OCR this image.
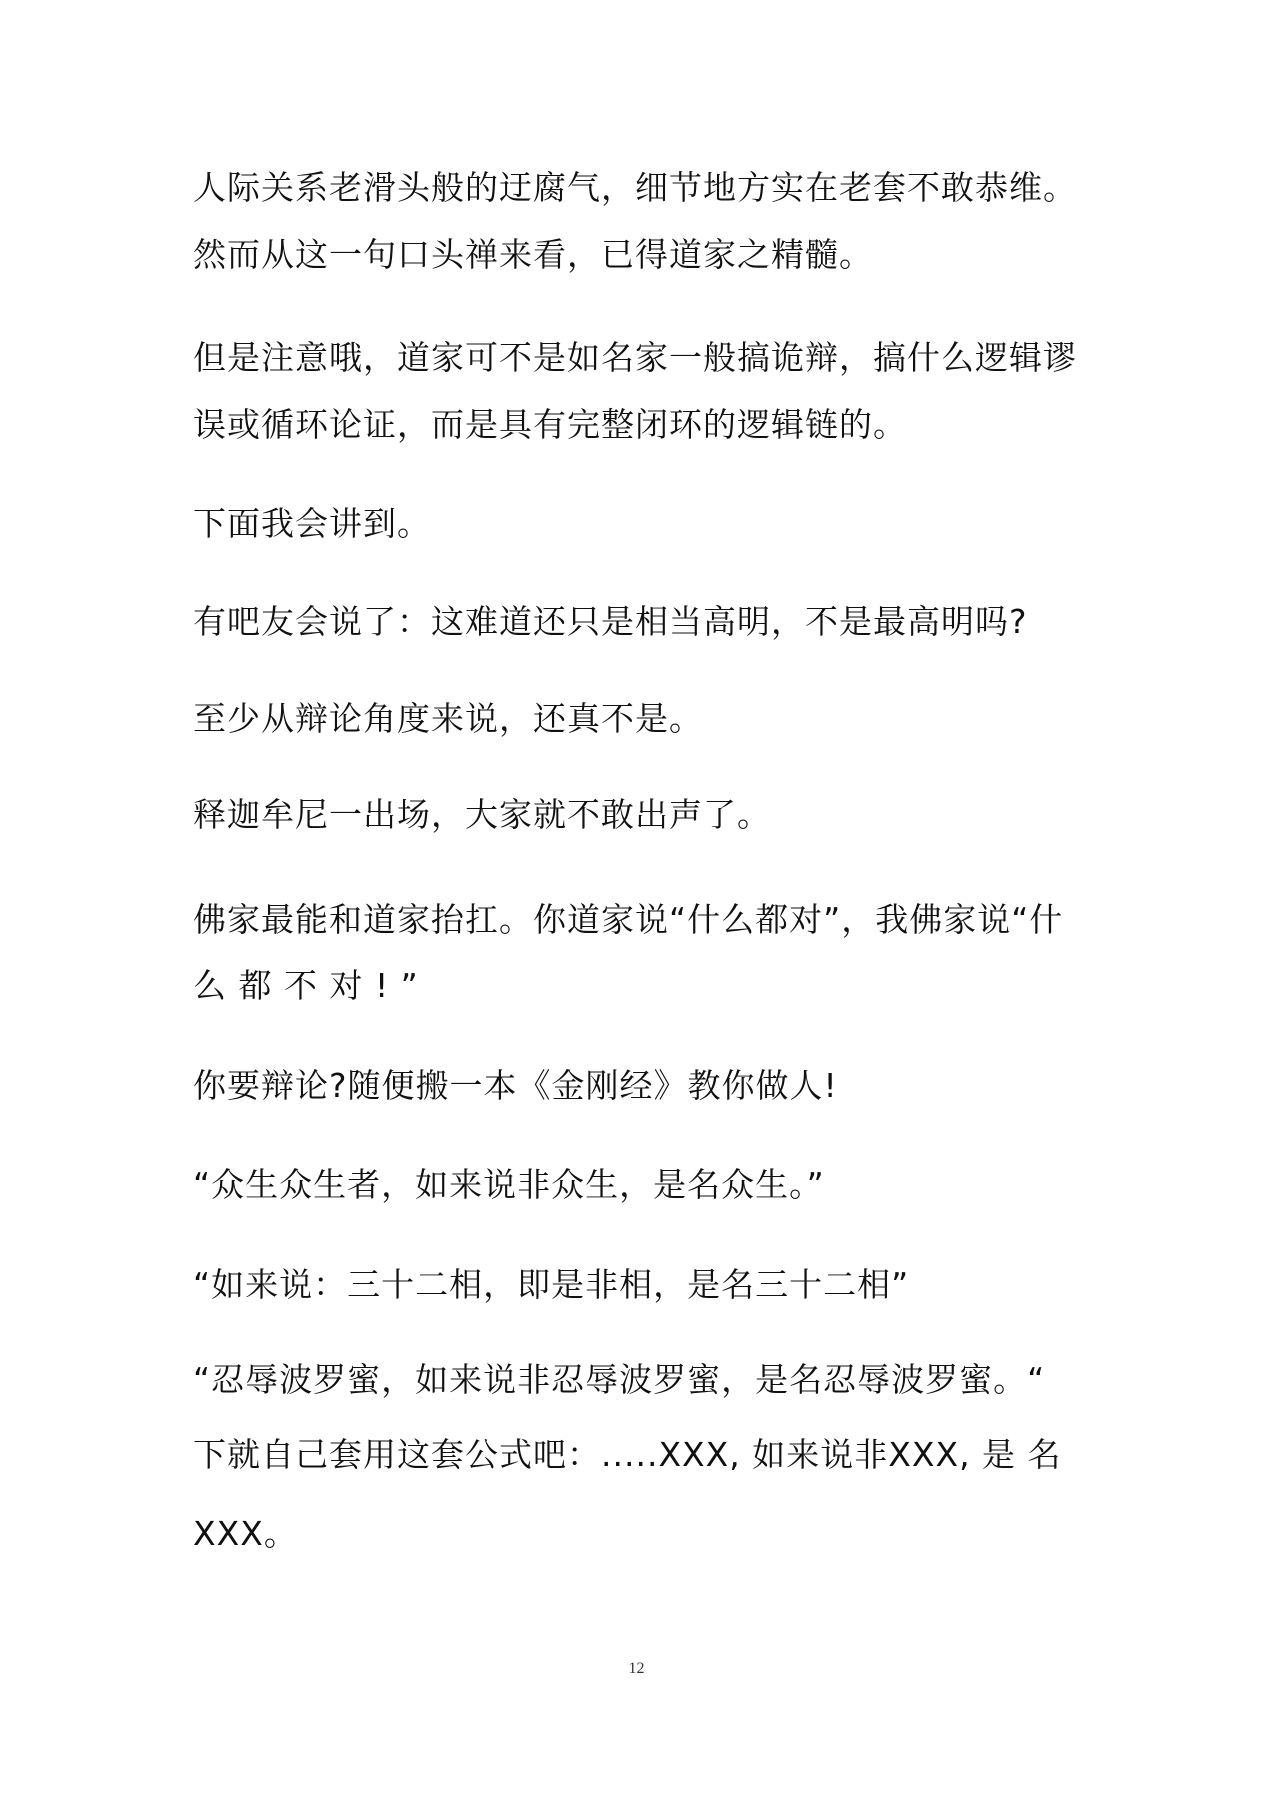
人际关系老滑头般的迂腐气，细节地方实在老套不敢恭维。
然而从这一句口头禅来看，已得道家之精髓。
但是注意哦，道家可不是如名家一般搞诡辩，搞什么逻辑谬
误或循环论证，而是具有完整闭环的逻辑链的。
下面我会讲到。
有吧友会说了：这难道还只是相当高明，不是最高明吗?
至少从辩论角度来说，还真不是。
释迦牟尼一出场，大家就不敢出声了。
佛家最能和道家抬扛。你道家说“什么都对”，我佛家说“什
么 都 不 对 ! ”
你要辩论?随便搬一本《金刚经》教你做人!
“众生众生者，如来说非众生，是名众生。”
“如来说：三十二相，即是非相，是名三十二相”
“忍辱波罗蜜，如来说非忍辱波罗蜜，是名忍辱波罗蜜。“
下就自己套用这套公式吧：.....XXX, 如来说非XXX, 是 名
XXX。
12
